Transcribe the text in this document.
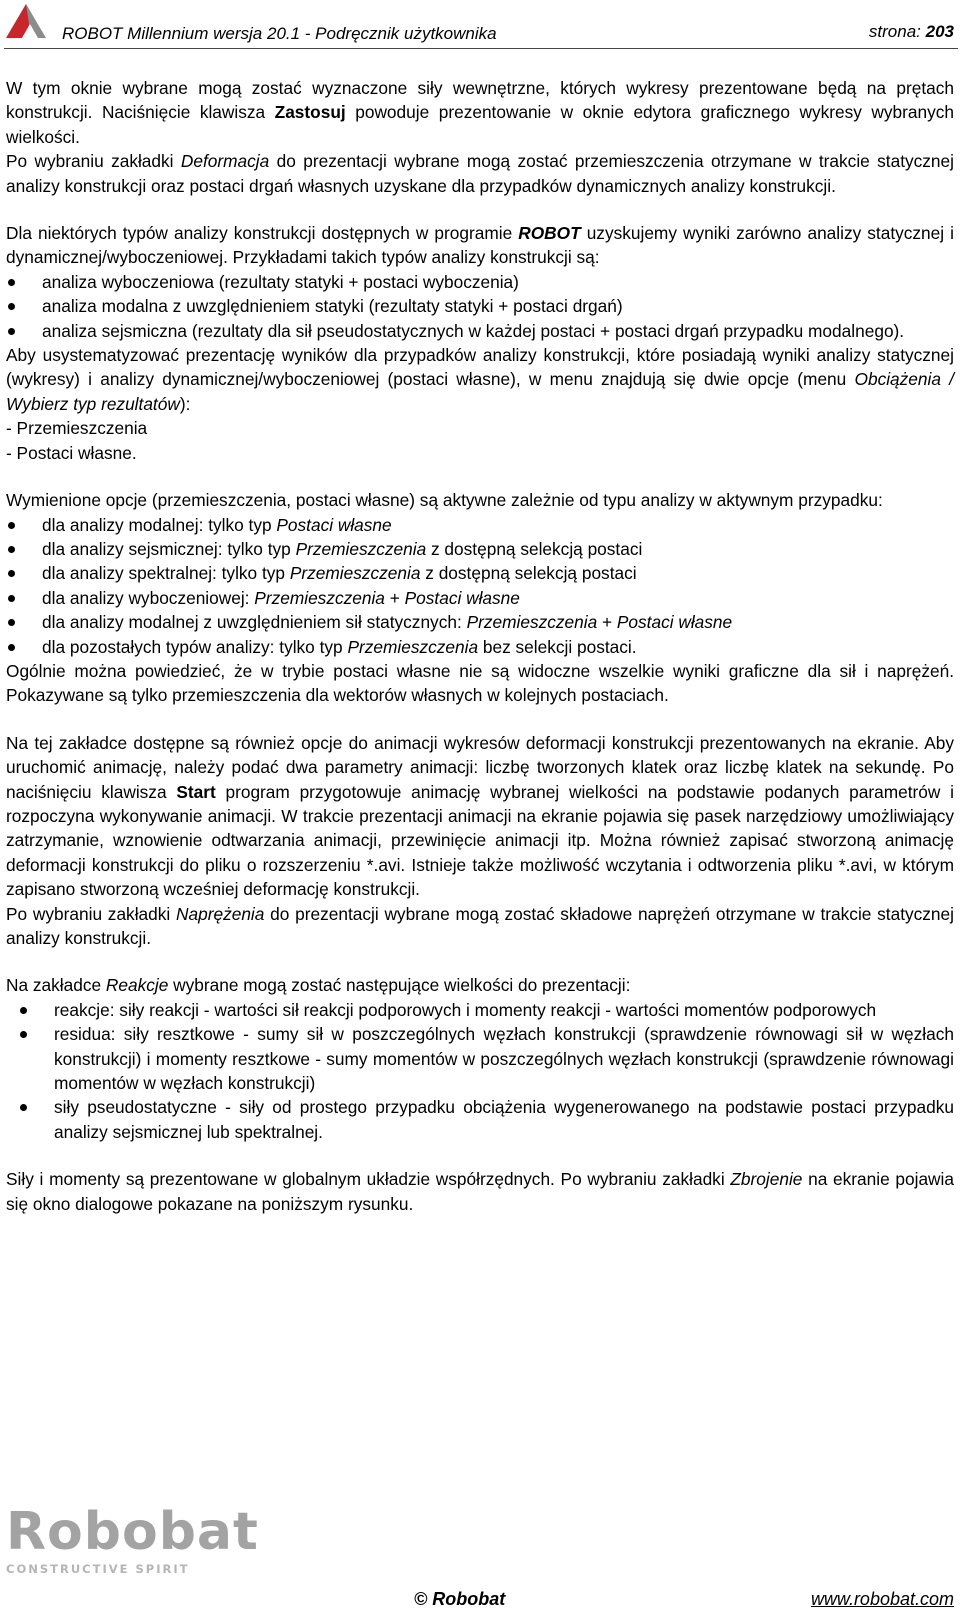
ROBOT Millennium wersja 20.1 - Podręcznik użytkownika	strona: 203

W tym oknie wybrane mogą zostać wyznaczone siły wewnętrzne, których wykresy prezentowane będą na prętach konstrukcji. Naciśnięcie klawisza Zastosuj powoduje prezentowanie w oknie edytora graficznego wykresy wybranych wielkości.

Po wybraniu zakładki Deformacja do prezentacji wybrane mogą zostać przemieszczenia otrzymane w trakcie statycznej analizy konstrukcji oraz postaci drgań własnych uzyskane dla przypadków dynamicznych analizy konstrukcji.

Dla niektórych typów analizy konstrukcji dostępnych w programie ROBOT uzyskujemy wyniki zarówno analizy statycznej i dynamicznej/wyboczeniowej. Przykładami takich typów analizy konstrukcji są:

analiza wyboczeniowa (rezultaty statyki + postaci wyboczenia)
analiza modalna z uwzględnieniem statyki (rezultaty statyki + postaci drgań)
analiza sejsmiczna (rezultaty dla sił pseudostatycznych w każdej postaci + postaci drgań przypadku modalnego).

Aby usystematyzować prezentację wyników dla przypadków analizy konstrukcji, które posiadają wyniki analizy statycznej (wykresy) i analizy dynamicznej/wyboczeniowej (postaci własne), w menu znajdują się dwie opcje (menu Obciążenia / Wybierz typ rezultatów):

- Przemieszczenia

- Postaci własne.

Wymienione opcje (przemieszczenia, postaci własne) są aktywne zależnie od typu analizy w aktywnym przypadku:

dla analizy modalnej: tylko typ Postaci własne
dla analizy sejsmicznej: tylko typ Przemieszczenia z dostępną selekcją postaci
dla analizy spektralnej: tylko typ Przemieszczenia z dostępną selekcją postaci
dla analizy wyboczeniowej: Przemieszczenia + Postaci własne
dla analizy modalnej z uwzględnieniem sił statycznych: Przemieszczenia + Postaci własne
dla pozostałych typów analizy: tylko typ Przemieszczenia bez selekcji postaci.

Ogólnie można powiedzieć, że w trybie postaci własne nie są widoczne wszelkie wyniki graficzne dla sił i naprężeń. Pokazywane są tylko przemieszczenia dla wektorów własnych w kolejnych postaciach.

Na tej zakładce dostępne są również opcje do animacji wykresów deformacji konstrukcji prezentowanych na ekranie. Aby uruchomić animację, należy podać dwa parametry animacji: liczbę tworzonych klatek oraz liczbę klatek na sekundę. Po naciśnięciu klawisza Start program przygotowuje animację wybranej wielkości na podstawie podanych parametrów i rozpoczyna wykonywanie animacji. W trakcie prezentacji animacji na ekranie pojawia się pasek narzędziowy umożliwiający zatrzymanie, wznowienie odtwarzania animacji, przewinięcie animacji itp. Można również zapisać stworzoną animację deformacji konstrukcji do pliku o rozszerzeniu *.avi. Istnieje także możliwość wczytania i odtworzenia pliku *.avi, w którym zapisano stworzoną wcześniej deformację konstrukcji.

Po wybraniu zakładki Naprężenia do prezentacji wybrane mogą zostać składowe naprężeń otrzymane w trakcie statycznej analizy konstrukcji.

Na zakładce Reakcje wybrane mogą zostać następujące wielkości do prezentacji:

reakcje: siły reakcji - wartości sił reakcji podporowych i momenty reakcji - wartości momentów podporowych
residua: siły resztkowe - sumy sił w poszczególnych węzłach konstrukcji (sprawdzenie równowagi sił w węzłach konstrukcji) i momenty resztkowe - sumy momentów w poszczególnych węzłach konstrukcji (sprawdzenie równowagi momentów w węzłach konstrukcji)
siły pseudostatyczne - siły od prostego przypadku obciążenia wygenerowanego na podstawie postaci przypadku analizy sejsmicznej lub spektralnej.

Siły i momenty są prezentowane w globalnym układzie współrzędnych. Po wybraniu zakładki Zbrojenie na ekranie pojawia się okno dialogowe pokazane na poniższym rysunku.

Robobat
CONSTRUCTIVE SPIRIT
© Robobat	www.robobat.com
